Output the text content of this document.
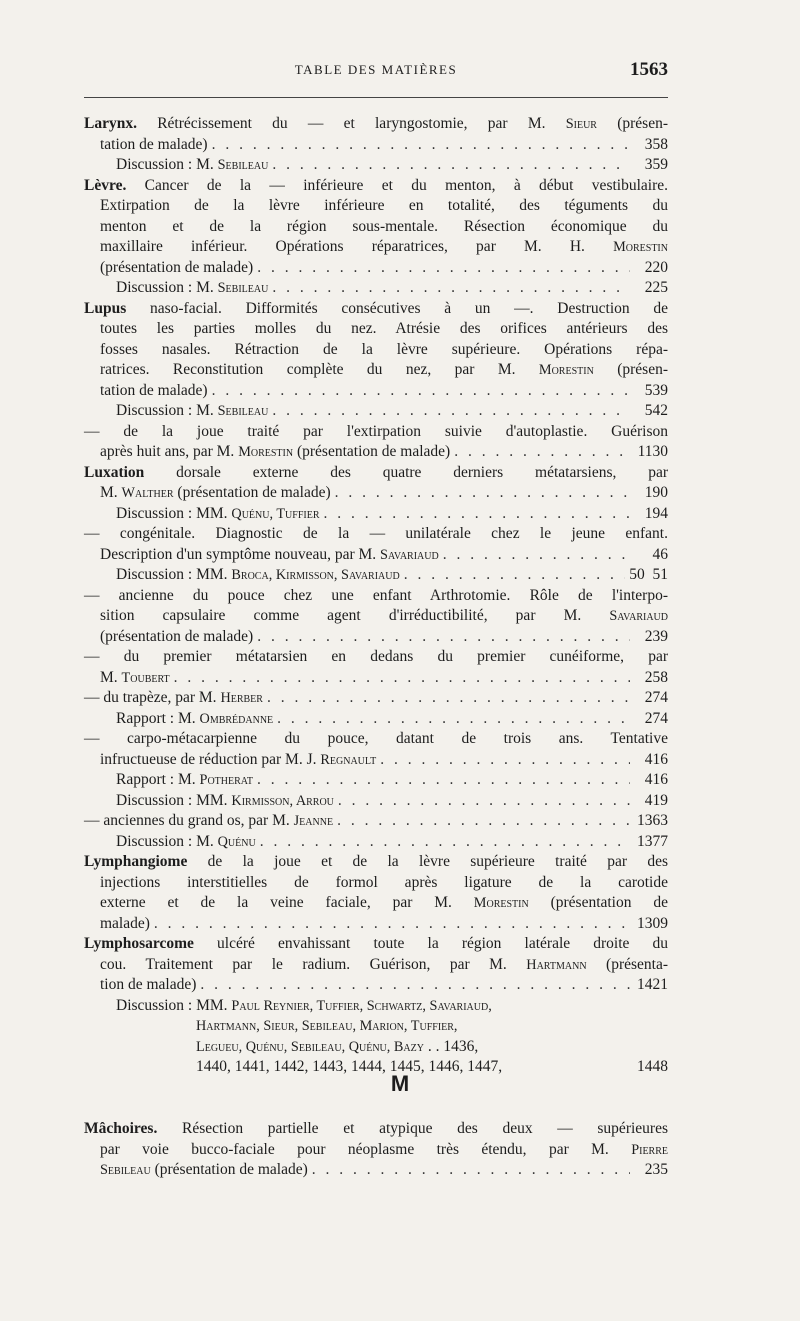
TABLE DES MATIÈRES	1563
Larynx. Rétrécissement du — et laryngostomie, par M. Sieur (présen-
tation de malade) . . .	358
Discussion : M. Sebileau . . .	359
Lèvre. Cancer de la — inférieure et du menton, à début vestibulaire.
Extirpation de la lèvre inférieure en totalité, des téguments du
menton et de la région sous-mentale. Résection économique du
maxillaire inférieur. Opérations réparatrices, par M. H. Morestin
(présentation de malade) . . .	220
Discussion : M. Sebileau . . .	225
Lupus naso-facial. Difformités consécutives à un —. Destruction de
toutes les parties molles du nez. Atrésie des orifices antérieurs des
fosses nasales. Rétraction de la lèvre supérieure. Opérations répa-
ratrices. Reconstitution complète du nez, par M. Morestin (présen-
tation de malade) . . .	539
Discussion : M. Sebileau . . .	542
— de la joue traité par l'extirpation suivie d'autoplastie. Guérison
après huit ans, par M. Morestin (présentation de malade) . . .	1130
Luxation dorsale externe des quatre derniers métatarsiens, par
M. Walther (présentation de malade) . . .	190
Discussion : MM. Quénu, Tuffier . . .	194
— congénitale. Diagnostic de la — unilatérale chez le jeune enfant.
Description d'un symptôme nouveau, par M. Savariaud . . .	46
Discussion : MM. Broca, Kirmisson, Savariaud . . .	50  51
— ancienne du pouce chez une enfant Arthrotomie. Rôle de l'interpo-
sition capsulaire comme agent d'irréductibilité, par M. Savariaud
(présentation de malade) . . .	239
— du premier métatarsien en dedans du premier cunéiforme, par
M. Toubert . . .	258
— du trapèze, par M. Herber . . .	274
Rapport : M. Ombrédanne . . .	274
— carpo-métacarpienne du pouce, datant de trois ans. Tentative
infructueuse de réduction par M. J. Regnault . . .	416
Rapport : M. Potherat . . .	416
Discussion : MM. Kirmisson, Arrou . . .	419
— anciennes du grand os, par M. Jeanne . . .	1363
Discussion : M. Quénu . . .	1377
Lymphangiome de la joue et de la lèvre supérieure traité par des
injections interstitielles de formol après ligature de la carotide
externe et de la veine faciale, par M. Morestin (présentation de
malade) . . .	1309
Lymphosarcome ulcéré envahissant toute la région latérale droite du
cou. Traitement par le radium. Guérison, par M. Hartmann (présenta-
tion de malade) . . .	1421
Discussion : MM. Paul Reynier, Tuffier, Schwartz, Savariaud,
Hartmann, Sieur, Sebileau, Marion, Tuffier,
Legueu, Quénu, Sebileau, Quénu, Bazy . . 1436,
1440, 1441, 1442, 1443, 1444, 1445, 1446, 1447,	1448
M
Mâchoires. Résection partielle et atypique des deux — supérieures
par voie bucco-faciale pour néoplasme très étendu, par M. Pierre
Sebileau (présentation de malade) . . .	235
